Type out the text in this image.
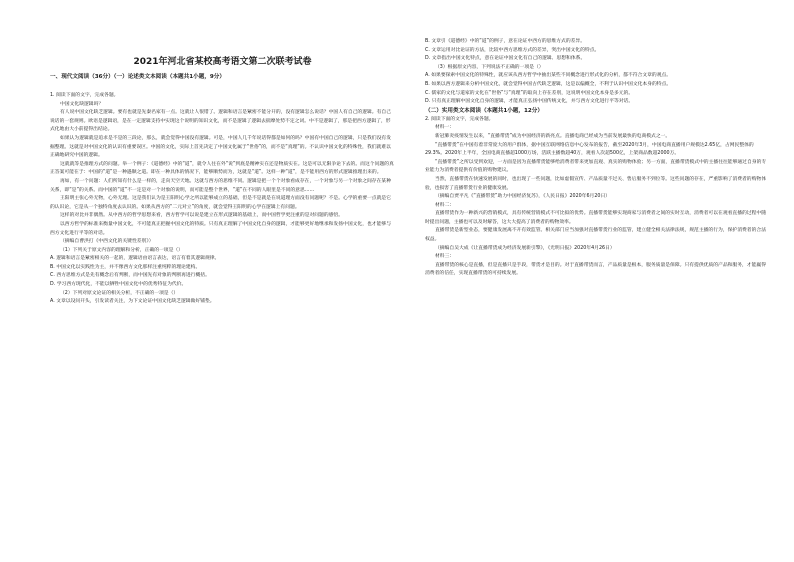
2021年河北省某校高考语文第二次联考试卷
一、现代文阅读（36分）（一）论述类文本阅读（本题共1小题，9分）

1. 阅读下面的文字，完成各题。

中国文化缺逻辑吗？

有人说中国文化缺乏逻辑。要有也就是先秦名家有一点。这就让人很错了。逻辑和语言是紧密不能分开的，没有逻辑怎么说话？中国人有自己的逻辑。有自己说话的一套规则。欧语是逻辑语，是在一定逻辑支持中实现这个说明的知识文化，而不是逻辑了逻辑去揣摩处势不定之词。中不是逻辑了，那是把西方逻辑了，形式化地由大小前提得出结论。

如果认为逻辑就是追求是不是的三段论，那么，就会觉得中国没有逻辑。可是，中国人几千年说话得都是如何的吗？中国有中国自己的逻辑，只是我们没有发掘整理。这就是对中国文化的认识有重要误区。中国的文化，实际上首先决定了中国文化属于“世俗”的，而不是“真理”的。不认识中国文化的特殊性，我们就难以正确地研究中国的逻辑。

这就就等是推理方式的问题。举一个例子：《道德经》中的“道”，就令人往在外“说”到底是精神实在还是物质实在。这是可以无限争论下去的。而这个问题的真正答案可能在于：中国的“道”是一种遇顺之道。即在一种具体的情况下，能够顺势而为，这就是“道”。这样一种“道”，是不能用西方的形式逻辑推理出来的。

再如，有一个问题：人们所知有什么是一样的，走向天空天地。这就与西方的思维不同。逻辑是把一个个对象看成存在，一个对象与另一个对象之间存在某种关系，即“是”的关系。而中国的“道”不一定是对一个对象的说明，而可能是整个世界，“道”在不同的人眼里是不同的意思……

王阳明主张心外无物，心外无理。这是我们认为是王阳明心学之所以能够成立的基础，但是不是就是在说道理方面没有问题呢？不是。心学的重要一点就是它的认识论，它是从一个独特角度去认识的。如果从西方的“二元对立”的角度，就会觉得王阳明的心学在逻辑上有问题。

这样的对比并非偶然。从中西方的哲学思想来看，西方哲学可以说是建立在形式逻辑的基础上，而中国哲学更注重的是对问题的感悟。

以西方哲学的标准来衡量中国文化，不可能真正把握中国文化的特质。只有真正理解了中国文化自身的逻辑，才能够更好地继承和发扬中国文化，也才能够与西方文化进行平等的对话。

（摘编自曹洪打《中西文化的关键性差别》）

（1）下列关于原文内容的理解和分析，正确的一项是（）

A. 逻辑和语言是紧密相关的一起的，逻辑语由语言表达，语言有着其逻辑规律。

B. 中国文化以实践性为主，并不像西方文化那样注重纯粹的理论建构。

C. 西方思维方式是先有概念后有判断，而中国先有对象的判断再进行概括。

D. 学习西方现代化，不能以牺牲中国文化中的优秀特征为代价。

（2）下列对原文论证的相关分析，不正确的一项是（）

A. 文章以设问开头，引发读者关注，为下文论证中国文化缺乏逻辑做好铺垫。

B. 文章引《道德经》中的“道”的例子，意在论证中西方的思维方式的差异。

C. 文章运用对比论证的方法，比较中西方思维方式的差异，突出中国文化的特点。

D. 文章指出中国文化特点，意在论证中国文化有自己的逻辑、思想和体系。

（3）根据原文内容，下列说法不正确的一项是（）

A. 如果要探索中国文化的特殊性，就应该从西方哲学中抽出某些不同概念进行形式化的分析，都不符合文章的观点。

B. 如果以西方逻辑来分析中国文化，就会觉得中国古代缺乏逻辑，这是以偏概全，不利于认识中国文化本身的特点。

C. 儒家的文化与道家的文化在“世俗”与“真理”的取向上存在差别，这说明中国文化本身是多元的。

D. 只有真正理解中国文化自身的逻辑，才能真正弘扬中国传统文化，并与西方文化进行平等对话。

（二）实用类文本阅读（本题共1小题，12分）

2. 阅读下面的文字，完成各题。

材料一：

新冠肺炎疫情发生以来，“直播带货”成为中国经济的新亮点。直播电商已经成为当前发展最快的电商模式之一。

“直播带货”在中国有着非常庞大的用户群体，据中国互联网络信息中心发布的报告，截至2020年3月，中国电商直播用户规模达2.65亿，占网民整体的29.3%。2020年上半年，全国电商直播超1000万场，活跃主播数超40万，观看人次超500亿，上架商品数超2000万。

“直播带货”之所以受到欢迎，一方面是因为直播带货能够给消费者带来更加直观、真实的购物体验；另一方面，直播带货模式中的主播往往能够通过自身的专业能力为消费者提供有价值的购物建议。

当然，直播带货在快速发展的同时，也出现了一些问题，比如虚假宣传、产品质量不过关、售后服务不到位等。这些问题的存在，严重影响了消费者的购物体验，也损害了直播带货行业的健康发展。

（摘编自贾平凡《“直播带货”助力中国经济复苏》，《人民日报》2020年6月20日）

材料二：

直播带货作为一种新兴的营销模式，具有传统营销模式不可比拟的优势。直播带货能够实现商家与消费者之间的实时互动，消费者可以在观看直播的过程中随时提出问题，主播也可以及时解答，这大大提高了消费者的购物效率。

直播带货是新型业态，要健康发展离不开有效监管。相关部门应当加强对直播带货行业的监管，建立健全相关法律法规，规范主播的行为，保护消费者的合法权益。

（摘编自吴大成《让直播带货成为经济发展新引擎》，《光明日报》2020年4月26日）

材料三：

直播带货的核心是直播，但是直播只是手段，带货才是目的。对于直播带货而言，产品质量是根本，服务质量是保障。只有提供优质的产品和服务，才能赢得消费者的信任，实现直播带货的可持续发展。
